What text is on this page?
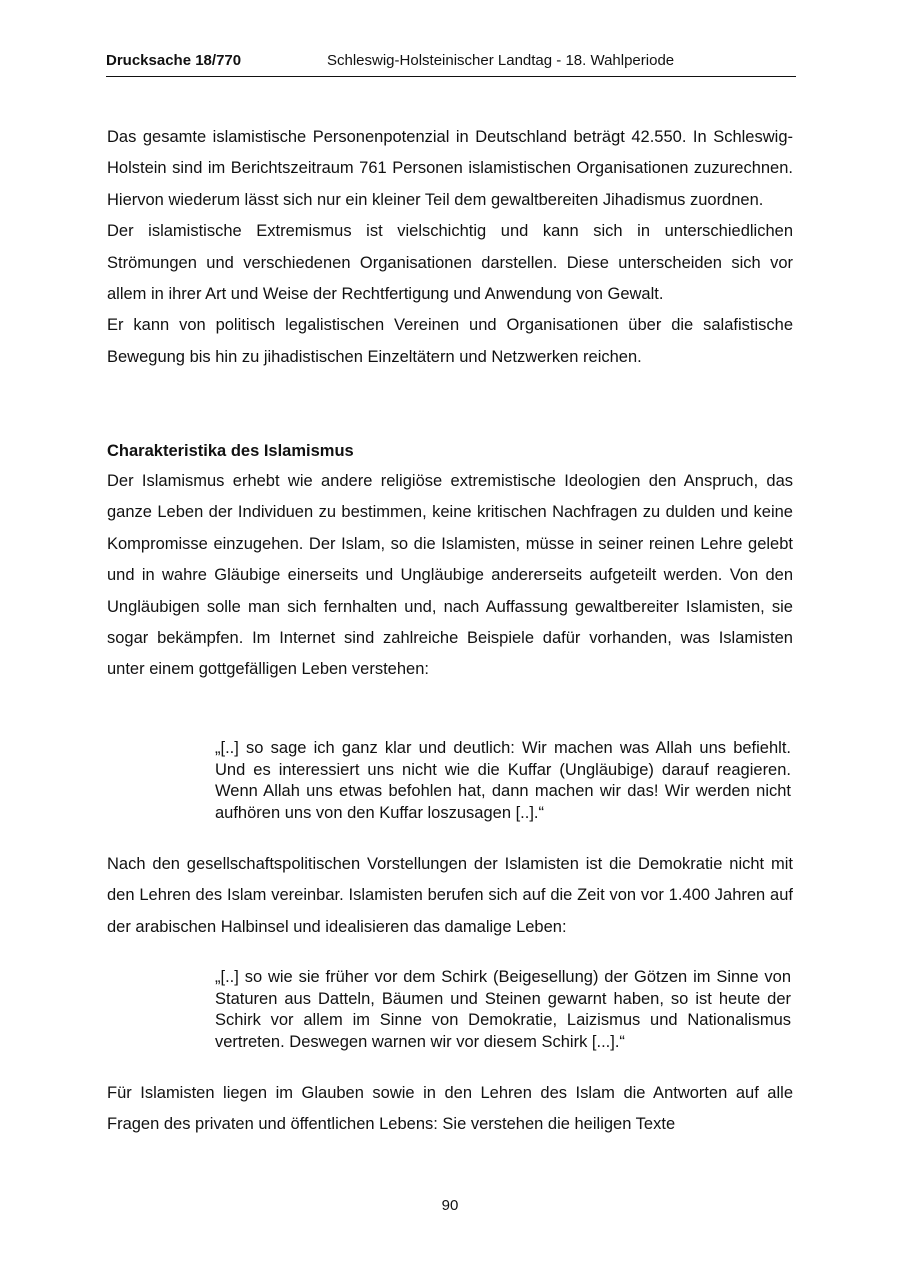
Drucksache 18/770	Schleswig-Holsteinischer Landtag - 18. Wahlperiode

Das gesamte islamistische Personenpotenzial in Deutschland beträgt 42.550. In Schleswig-Holstein sind im Berichtszeitraum 761 Personen islamistischen Organisationen zuzurechnen. Hiervon wiederum lässt sich nur ein kleiner Teil dem gewaltbereiten Jihadismus zuordnen.

Der islamistische Extremismus ist vielschichtig und kann sich in unterschiedlichen Strömungen und verschiedenen Organisationen darstellen. Diese unterscheiden sich vor allem in ihrer Art und Weise der Rechtfertigung und Anwendung von Gewalt.

Er kann von politisch legalistischen Vereinen und Organisationen über die salafistische Bewegung bis hin zu jihadistischen Einzeltätern und Netzwerken reichen.

Charakteristika des Islamismus

Der Islamismus erhebt wie andere religiöse extremistische Ideologien den Anspruch, das ganze Leben der Individuen zu bestimmen, keine kritischen Nachfragen zu dulden und keine Kompromisse einzugehen. Der Islam, so die Islamisten, müsse in seiner reinen Lehre gelebt und in wahre Gläubige einerseits und Ungläubige andererseits aufgeteilt werden. Von den Ungläubigen solle man sich fernhalten und, nach Auffassung gewaltbereiter Islamisten, sie sogar bekämpfen. Im Internet sind zahlreiche Beispiele dafür vorhanden, was Islamisten unter einem gottgefälligen Leben verstehen:

„[..] so sage ich ganz klar und deutlich: Wir machen was Allah uns befiehlt. Und es interessiert uns nicht wie die Kuffar (Ungläubige) darauf reagieren. Wenn Allah uns etwas befohlen hat, dann machen wir das! Wir werden nicht aufhören uns von den Kuffar loszusagen [..].“

Nach den gesellschaftspolitischen Vorstellungen der Islamisten ist die Demokratie nicht mit den Lehren des Islam vereinbar. Islamisten berufen sich auf die Zeit von vor 1.400 Jahren auf der arabischen Halbinsel und idealisieren das damalige Leben:

„[..] so wie sie früher vor dem Schirk (Beigesellung) der Götzen im Sinne von Staturen aus Datteln, Bäumen und Steinen gewarnt haben, so ist heute der Schirk vor allem im Sinne von Demokratie, Laizismus und Nationalismus vertreten. Deswegen warnen wir vor diesem Schirk [...].“

Für Islamisten liegen im Glauben sowie in den Lehren des Islam die Antworten auf alle Fragen des privaten und öffentlichen Lebens: Sie verstehen die heiligen Texte

90
